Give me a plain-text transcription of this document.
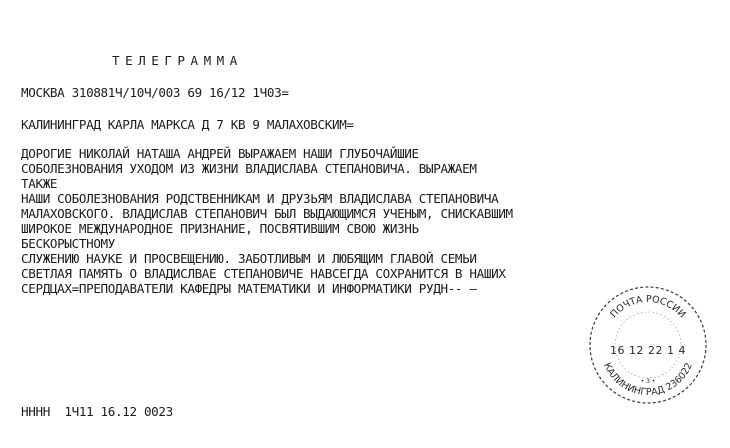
ТЕЛЕГРАММА

МОСКВА 310881Ч/10Ч/003 69 16/12 1Ч03=

КАЛИНИНГРАД КАРЛА МАРКСА Д 7 КВ 9 МАЛАХОВСКИМ=

ДОРОГИЕ НИКОЛАЙ НАТАША АНДРЕЙ ВЫРАЖАЕМ НАШИ ГЛУБОЧАЙШИЕ

СОБОЛЕЗНОВАНИЯ УХОДОМ ИЗ ЖИЗНИ ВЛАДИСЛАВА СТЕПАНОВИЧА. ВЫРАЖАЕМ

ТАКЖЕ

НАШИ СОБОЛЕЗНОВАНИЯ РОДСТВЕННИКАМ И ДРУЗЬЯМ ВЛАДИСЛАВА СТЕПАНОВИЧА

МАЛАХОВСКОГО. ВЛАДИСЛАВ СТЕПАНОВИЧ БЫЛ ВЫДАЮЩИМСЯ УЧЕНЫМ, СНИСКАВШИМ

ШИРОКОЕ МЕЖДУНАРОДНОЕ ПРИЗНАНИЕ, ПОСВЯТИВШИМ СВОЮ ЖИЗНЬ

БЕСКОРЫСТНОМУ

СЛУЖЕНИЮ НАУКЕ И ПРОСВЕЩЕНИЮ. ЗАБОТЛИВЫМ И ЛЮБЯЩИМ ГЛАВОЙ СЕМЬИ

СВЕТЛАЯ ПАМЯТЬ О ВЛАДИСЛВАЕ СТЕПАНОВИЧЕ НАВСЕГДА СОХРАНИТСЯ В НАШИХ

СЕРДЦАХ=ПРЕПОДАВАТЕЛИ КАФЕДРЫ МАТЕМАТИКИ И ИНФОРМАТИКИ РУДН-- —

НННН  1Ч11 16.12 0023

ПОЧТА РОССИИ
16 12 22 1 4
• 3 •
КАЛИНИНГРАД 236022
